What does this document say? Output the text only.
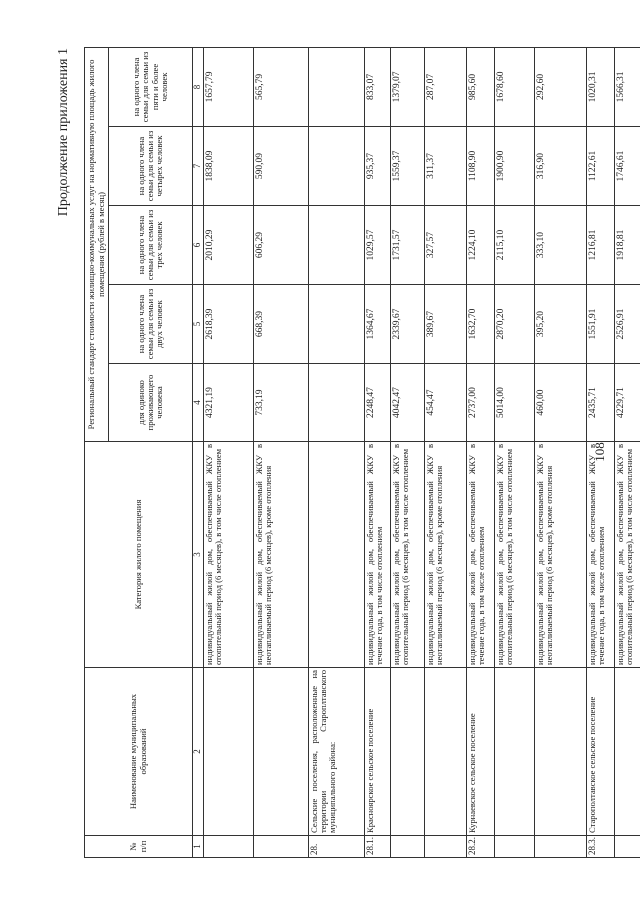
108
Продолжение приложения 1
№ п/п	Наименование муниципальных образований	Категория жилого помещения	Региональный стандарт стоимости жилищно-коммунальных услуг на нормативную площадь жилого помещения (рублей в месяц)				
			для одиноко проживающего человека	на одного члена семьи для семьи из двух человек	на одного члена семьи для семьи из трех человек	на одного члена семьи для семьи из четырех человек	на одного члена семьи для семьи из пяти и более человек
1	2	3	4	5	6	7	8
		индивидуальный жилой дом, обеспечиваемый ЖКУ в отопительный период (6 месяцев), в том числе отоплением	4321,19	2618,39	2010,29	1838,09	1657,79
		индивидуальный жилой дом, обеспечиваемый ЖКУ в неотапливаемый период (6 месяцев), кроме отопления	733,19	668,39	606,29	590,09	565,79
28.	Сельские поселения, расположенные на территории Староплтавского муниципального района:						
28.1.	Красноярское сельское поселение	индивидуальный жилой дом, обеспечиваемый ЖКУ в течение года, в том числе отоплением	2248,47	1364,67	1029,57	935,37	833,07
		индивидуальный жилой дом, обеспечиваемый ЖКУ в отопительный период (6 месяцев), в том числе отоплением	4042,47	2339,67	1731,57	1559,37	1379,07
		индивидуальный жилой дом, обеспечиваемый ЖКУ в неотапливаемый период (6 месяцев), кроме отопления	454,47	389,67	327,57	311,37	287,07
28.2.	Курнаевское сельское поселение	индивидуальный жилой дом, обеспечиваемый ЖКУ в течение года, в том числе отоплением	2737,00	1632,70	1224,10	1108,90	985,60
		индивидуальный жилой дом, обеспечиваемый ЖКУ в отопительный период (6 месяцев), в том числе отоплением	5014,00	2870,20	2115,10	1900,90	1678,60
		индивидуальный жилой дом, обеспечиваемый ЖКУ в неотапливаемый период (6 месяцев), кроме отопления	460,00	395,20	333,10	316,90	292,60
28.3.	Старополтавское сельское поселение	индивидуальный жилой дом, обеспечиваемый ЖКУ в течение года, в том числе отоплением	2435,71	1551,91	1216,81	1122,61	1020,31
		индивидуальный жилой дом, обеспечиваемый ЖКУ в отопительный период (6 месяцев), в том числе отоплением	4229,71	2526,91	1918,81	1746,61	1566,31
